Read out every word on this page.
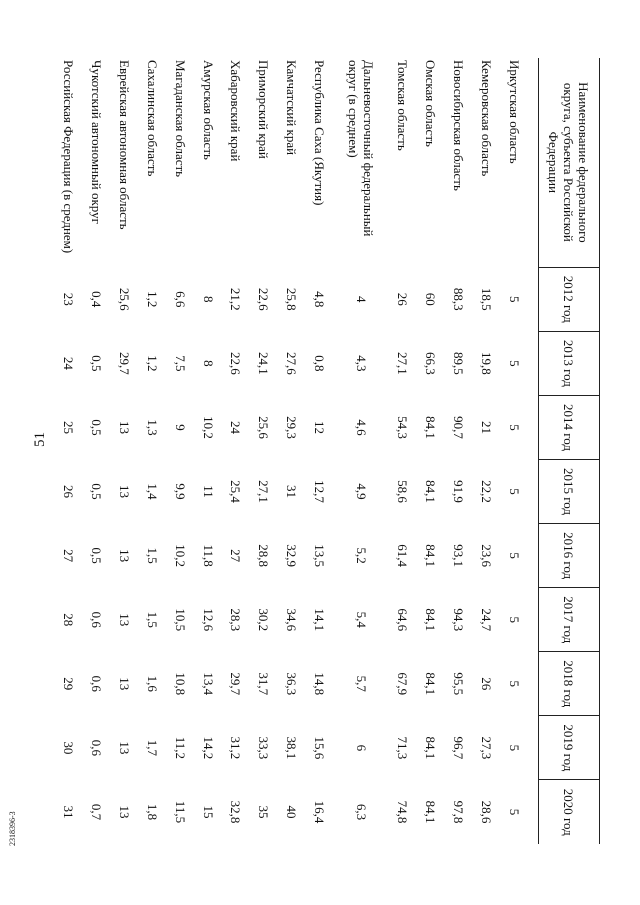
51
2318396-3
Наименование федерального округа, субъекта Российской Федерации	2012 год	2013 год	2014 год	2015 год	2016 год	2017 год	2018 год	2019 год	2020 год

Иркутская область	5	5	5	5	5	5	5	5	5
Кемеровская область	18,5	19,8	21	22,2	23,6	24,7	26	27,3	28,6
Новосибирская область	88,3	89,5	90,7	91,9	93,1	94,3	95,5	96,7	97,8
Омская область	60	66,3	84,1	84,1	84,1	84,1	84,1	84,1	84,1
Томская область	26	27,1	54,3	58,6	61,4	64,6	67,9	71,3	74,8
Дальневосточный федеральный округ (в среднем)	4	4,3	4,6	4,9	5,2	5,4	5,7	6	6,3
Республика Саха (Якутия)	4,8	0,8	12	12,7	13,5	14,1	14,8	15,6	16,4
Камчатский край	25,8	27,6	29,3	31	32,9	34,6	36,3	38,1	40
Приморский край	22,6	24,1	25,6	27,1	28,8	30,2	31,7	33,3	35
Хабаровский край	21,2	22,6	24	25,4	27	28,3	29,7	31,2	32,8
Амурская область	8	8	10,2	11	11,8	12,6	13,4	14,2	15
Магаданская область	6,6	7,5	9	9,9	10,2	10,5	10,8	11,2	11,5
Сахалинская область	1,2	1,2	1,3	1,4	1,5	1,5	1,6	1,7	1,8
Еврейская автономная область	25,6	29,7	13	13	13	13	13	13	13
Чукотский автономный округ	0,4	0,5	0,5	0,5	0,5	0,6	0,6	0,6	0,7
Российская Федерация (в среднем)	23	24	25	26	27	28	29	30	31
